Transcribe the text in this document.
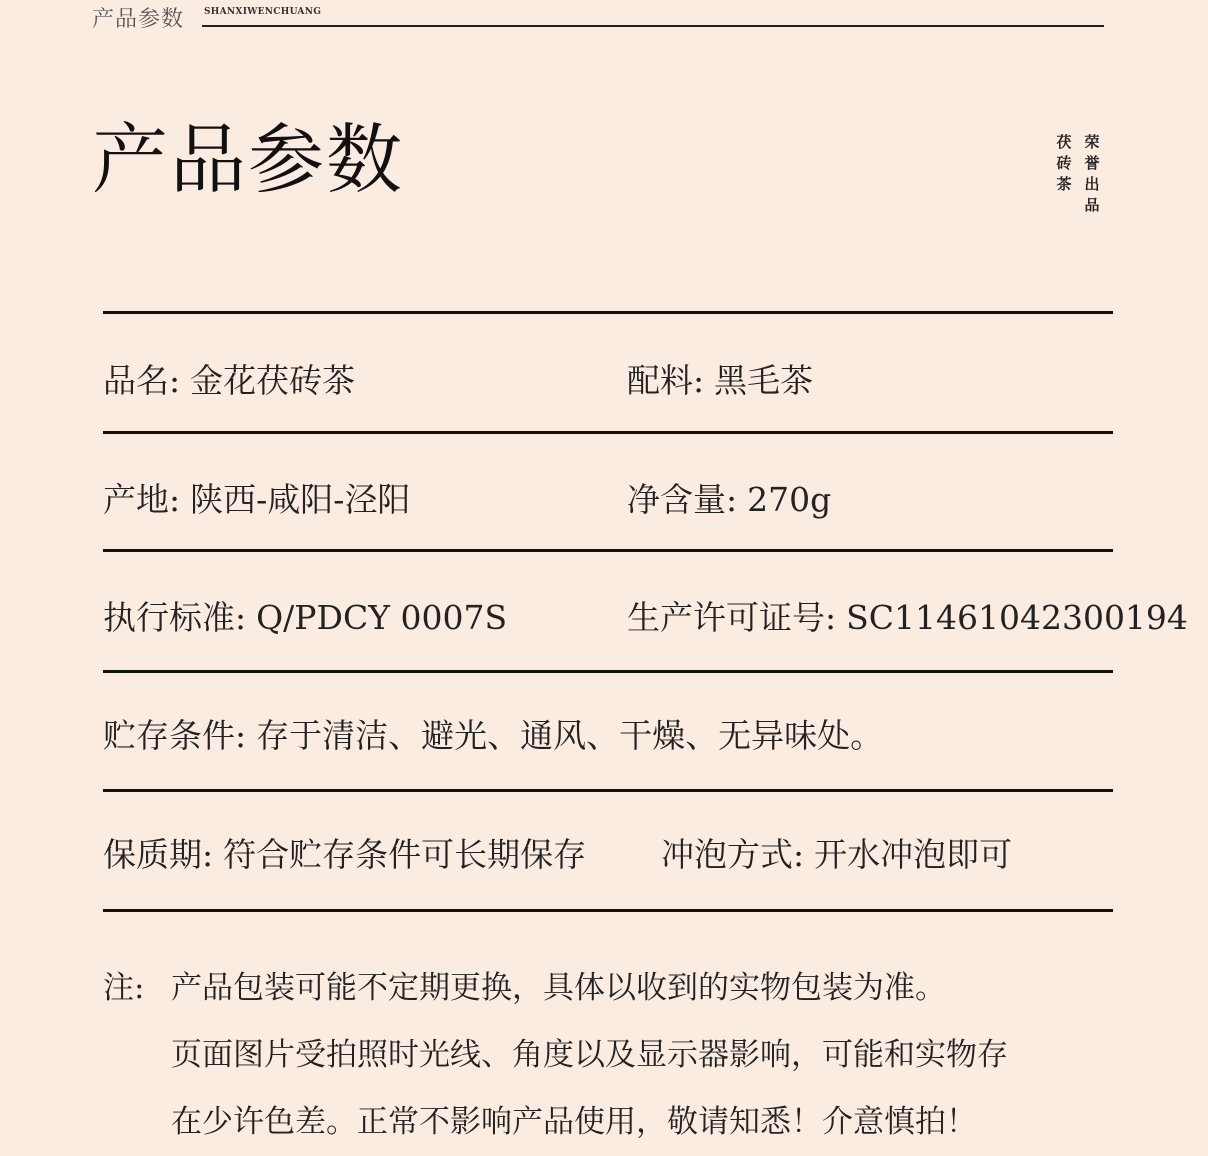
产品参数 SHANXIWENCHUANG
产品参数	荣誉出品
茯砖茶
品名: 金花茯砖茶	配料: 黑毛茶
产地: 陕西-咸阳-泾阳	净含量: 270g
执行标准: Q/PDCY 0007S	生产许可证号: SC11461042300194
贮存条件: 存于清洁、避光、通风、干燥、无异味处。
保质期: 符合贮存条件可长期保存 冲泡方式: 开水冲泡即可
注: 产品包装可能不定期更换，具体以收到的实物包装为准。
页面图片受拍照时光线、角度以及显示器影响，可能和实物存
在少许色差。正常不影响产品使用，敬请知悉！介意慎拍！
